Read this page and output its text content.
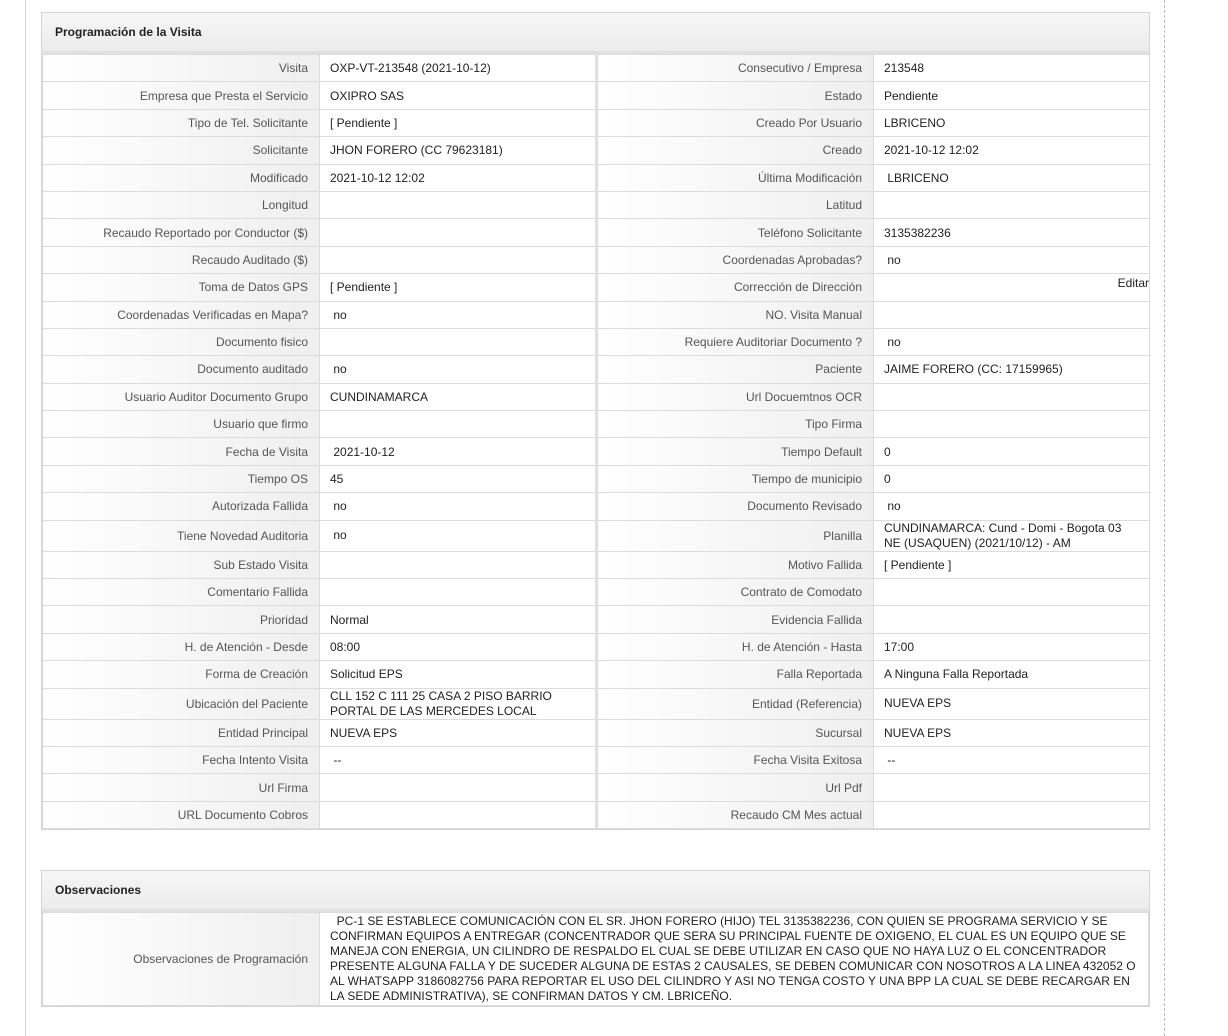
Programación de la Visita
Visita	OXP-VT-213548 (2021-10-12)	Consecutivo / Empresa	213548
Empresa que Presta el Servicio	OXIPRO SAS	Estado	Pendiente
Tipo de Tel. Solicitante	[ Pendiente ]	Creado Por Usuario	LBRICENO
Solicitante	JHON FORERO (CC 79623181)	Creado	2021-10-12 12:02
Modificado	2021-10-12 12:02	Última Modificación	LBRICENO
Longitud		Latitud	
Recaudo Reportado por Conductor ($)		Teléfono Solicitante	3135382236
Recaudo Auditado ($)		Coordenadas Aprobadas?	no
Toma de Datos GPS	[ Pendiente ]	Corrección de Dirección	Editar

Coordenadas Verificadas en Mapa?	no	NO. Visita Manual	
Documento fisico		Requiere Auditoriar Documento ?	no
Documento auditado	no	Paciente	JAIME FORERO (CC: 17159965)
Usuario Auditor Documento Grupo	CUNDINAMARCA	Url Docuemtnos OCR	
Usuario que firmo		Tipo Firma	
Fecha de Visita	2021-10-12	Tiempo Default	0
Tiempo OS	45	Tiempo de municipio	0
Autorizada Fallida	no	Documento Revisado	no
Tiene Novedad Auditoria	no	Planilla	CUNDINAMARCA: Cund - Domi - Bogota 03 NE (USAQUEN) (2021/10/12) - AM
Sub Estado Visita		Motivo Fallida	[ Pendiente ]
Comentario Fallida		Contrato de Comodato	
Prioridad	Normal	Evidencia Fallida	
H. de Atención - Desde	08:00	H. de Atención - Hasta	17:00
Forma de Creación	Solicitud EPS	Falla Reportada	A Ninguna Falla Reportada
Ubicación del Paciente	CLL 152 C 111 25 CASA 2 PISO BARRIO PORTAL DE LAS MERCEDES LOCAL	Entidad (Referencia)	NUEVA EPS
Entidad Principal	NUEVA EPS	Sucursal	NUEVA EPS
Fecha Intento Visita	--	Fecha Visita Exitosa	--
Url Firma		Url Pdf	
URL Documento Cobros		Recaudo CM Mes actual	
Observaciones
Observaciones de Programación	PC-1 SE ESTABLECE COMUNICACIÓN CON EL SR. JHON FORERO (HIJO) TEL 3135382236, CON QUIEN SE PROGRAMA SERVICIO Y SE CONFIRMAN EQUIPOS A ENTREGAR (CONCENTRADOR QUE SERA SU PRINCIPAL FUENTE DE OXIGENO, EL CUAL ES UN EQUIPO QUE SE MANEJA CON ENERGIA, UN CILINDRO DE RESPALDO EL CUAL SE DEBE UTILIZAR EN CASO QUE NO HAYA LUZ O EL CONCENTRADOR PRESENTE ALGUNA FALLA Y DE SUCEDER ALGUNA DE ESTAS 2 CAUSALES, SE DEBEN COMUNICAR CON NOSOTROS A LA LINEA 432052 O AL WHATSAPP 3186082756 PARA REPORTAR EL USO DEL CILINDRO Y ASI NO TENGA COSTO Y UNA BPP LA CUAL SE DEBE RECARGAR EN LA SEDE ADMINISTRATIVA), SE CONFIRMAN DATOS Y CM. LBRICEÑO.
